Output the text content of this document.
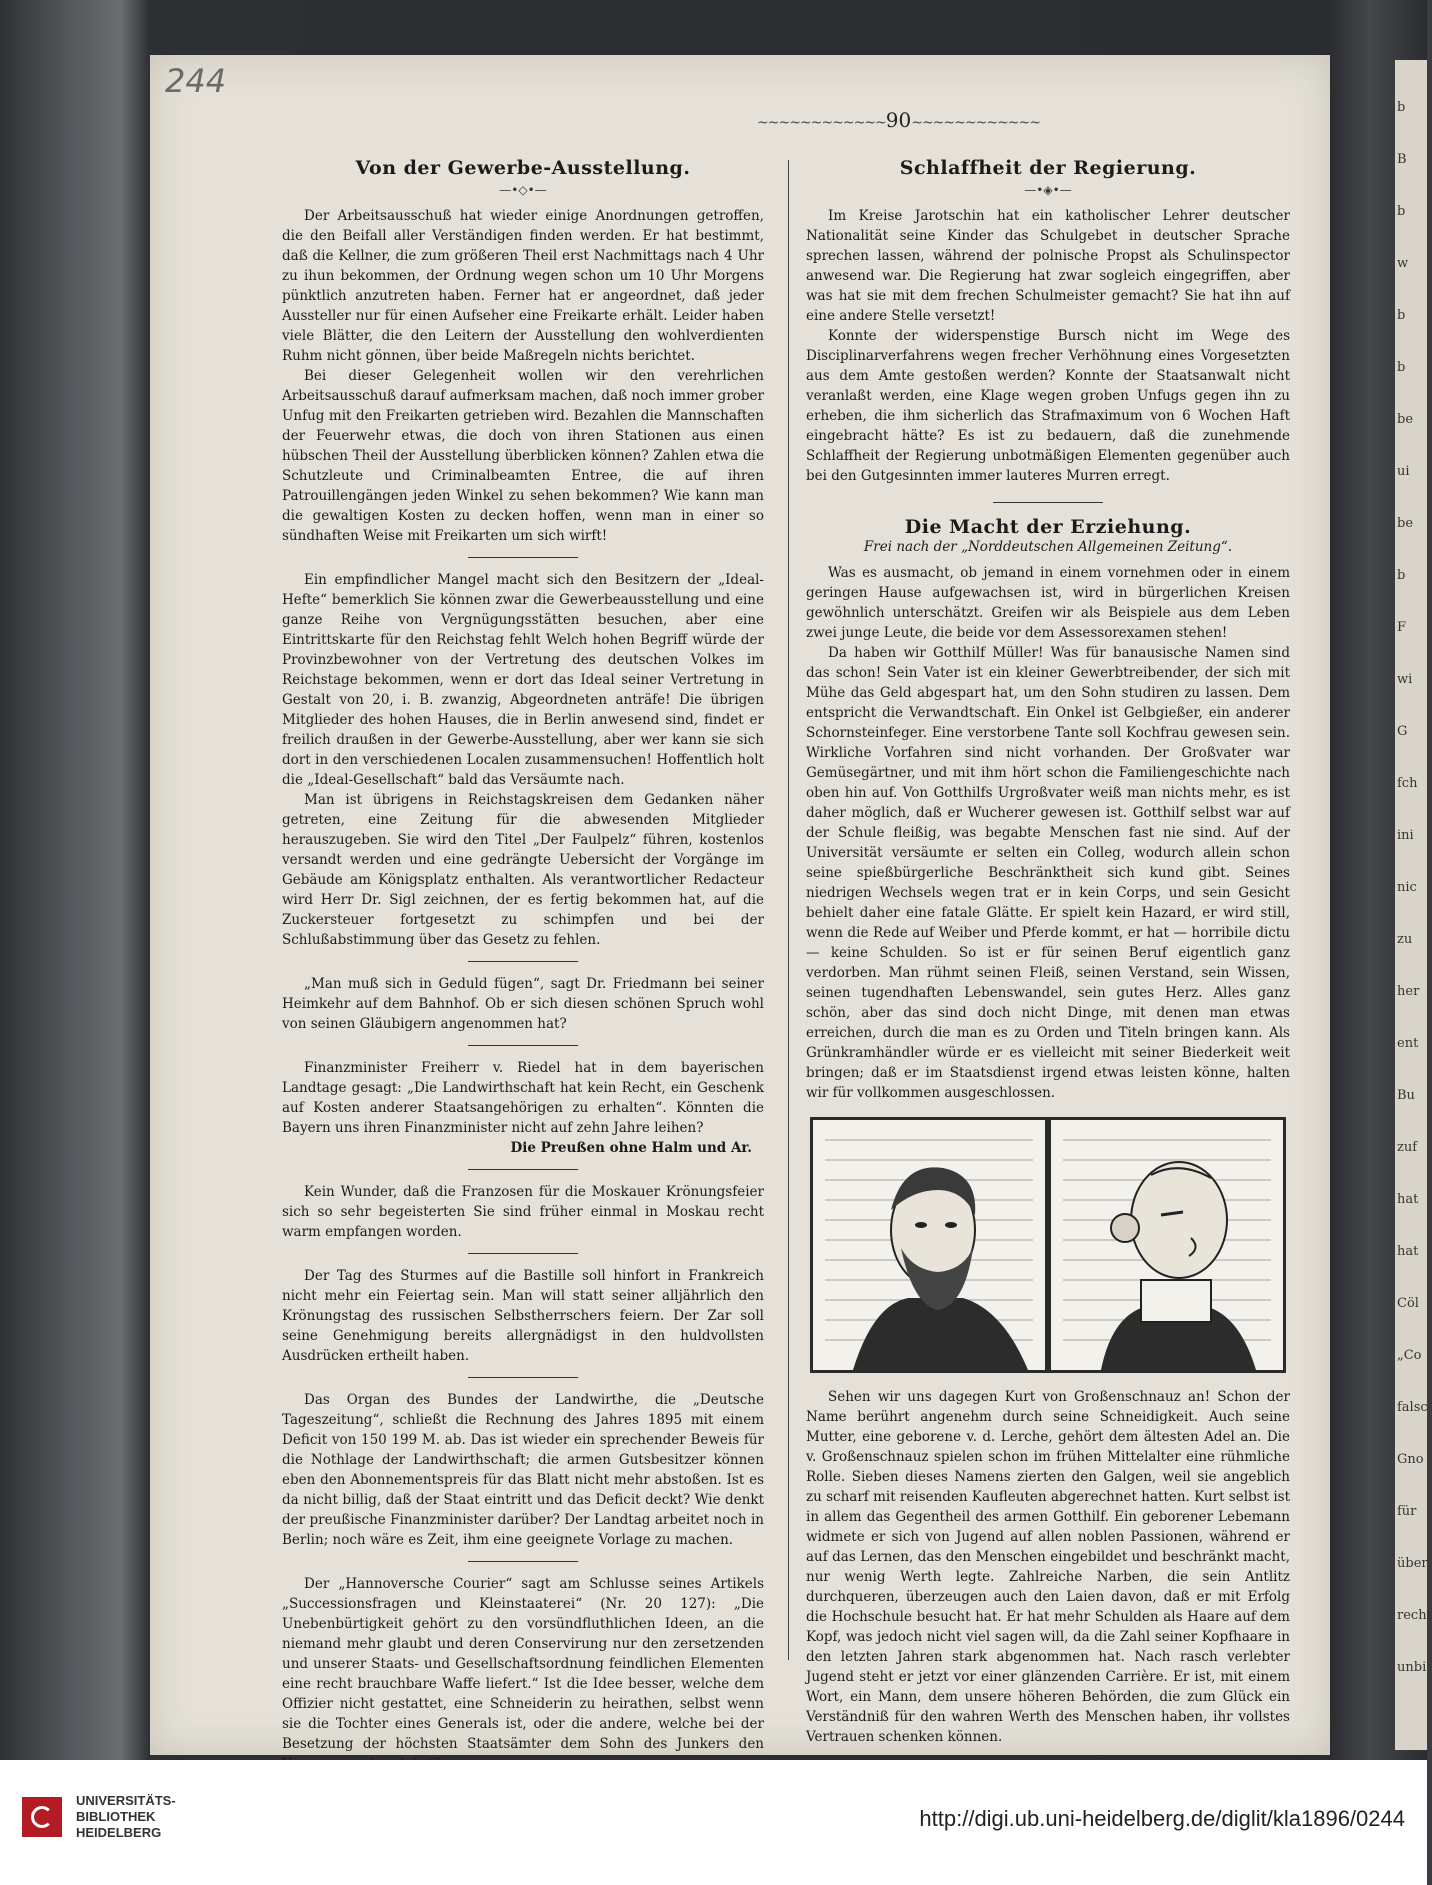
b
B
b
w
b
b
be
ui
be
b
F
wi
G
fch
ini
nic
zu
her
ent
Bu
zuf
hat
hat
Cöl
„Co
falsc
Gno
für
über
recht
unbi
244
~~~~~ 90 ~~~~~
Von der Gewerbe-Ausstellung.
—•◇•—

Der Arbeitsausschuß hat wieder einige Anordnungen getroffen, die den Beifall aller Verständigen finden werden. Er hat bestimmt, daß die Kellner, die zum größeren Theil erst Nachmittags nach 4 Uhr zu ihun bekommen, der Ordnung wegen schon um 10 Uhr Morgens pünktlich anzutreten haben. Ferner hat er angeordnet, daß jeder Aussteller nur für einen Aufseher eine Freikarte erhält. Leider haben viele Blätter, die den Leitern der Ausstellung den wohlverdienten Ruhm nicht gönnen, über beide Maßregeln nichts berichtet.

Bei dieser Gelegenheit wollen wir den verehrlichen Arbeitsausschuß darauf aufmerksam machen, daß noch immer grober Unfug mit den Freikarten getrieben wird. Bezahlen die Mannschaften der Feuerwehr etwas, die doch von ihren Stationen aus einen hübschen Theil der Ausstellung überblicken können? Zahlen etwa die Schutzleute und Criminalbeamten Entree, die auf ihren Patrouillengängen jeden Winkel zu sehen bekommen? Wie kann man die gewaltigen Kosten zu decken hoffen, wenn man in einer so sündhaften Weise mit Freikarten um sich wirft!

Ein empfindlicher Mangel macht sich den Besitzern der „Ideal-Hefte“ bemerklich Sie können zwar die Gewerbeausstellung und eine ganze Reihe von Vergnügungsstätten besuchen, aber eine Eintrittskarte für den Reichstag fehlt Welch hohen Begriff würde der Provinzbewohner von der Vertretung des deutschen Volkes im Reichstage bekommen, wenn er dort das Ideal seiner Vertretung in Gestalt von 20, i. B. zwanzig, Abgeordneten anträfe! Die übrigen Mitglieder des hohen Hauses, die in Berlin anwesend sind, findet er freilich draußen in der Gewerbe-Ausstellung, aber wer kann sie sich dort in den verschiedenen Localen zusammensuchen! Hoffentlich holt die „Ideal-Gesellschaft“ bald das Versäumte nach.

Man ist übrigens in Reichstagskreisen dem Gedanken näher getreten, eine Zeitung für die abwesenden Mitglieder herauszugeben. Sie wird den Titel „Der Faulpelz“ führen, kostenlos versandt werden und eine gedrängte Uebersicht der Vorgänge im Gebäude am Königsplatz enthalten. Als verantwortlicher Redacteur wird Herr Dr. Sigl zeichnen, der es fertig bekommen hat, auf die Zuckersteuer fortgesetzt zu schimpfen und bei der Schlußabstimmung über das Gesetz zu fehlen.

„Man muß sich in Geduld fügen“, sagt Dr. Friedmann bei seiner Heimkehr auf dem Bahnhof. Ob er sich diesen schönen Spruch wohl von seinen Gläubigern angenommen hat?

Finanzminister Freiherr v. Riedel hat in dem bayerischen Landtage gesagt: „Die Landwirthschaft hat kein Recht, ein Geschenk auf Kosten anderer Staatsangehörigen zu erhalten“. Könnten die Bayern uns ihren Finanzminister nicht auf zehn Jahre leihen?

Die Preußen ohne Halm und Ar.

Kein Wunder, daß die Franzosen für die Moskauer Krönungsfeier sich so sehr begeisterten Sie sind früher einmal in Moskau recht warm empfangen worden.

Der Tag des Sturmes auf die Bastille soll hinfort in Frankreich nicht mehr ein Feiertag sein. Man will statt seiner alljährlich den Krönungstag des russischen Selbstherrschers feiern. Der Zar soll seine Genehmigung bereits allergnädigst in den huldvollsten Ausdrücken ertheilt haben.

Das Organ des Bundes der Landwirthe, die „Deutsche Tageszeitung“, schließt die Rechnung des Jahres 1895 mit einem Deficit von 150 199 M. ab. Das ist wieder ein sprechender Beweis für die Nothlage der Landwirthschaft; die armen Gutsbesitzer können eben den Abonnementspreis für das Blatt nicht mehr abstoßen. Ist es da nicht billig, daß der Staat eintritt und das Deficit deckt? Wie denkt der preußische Finanzminister darüber? Der Landtag arbeitet noch in Berlin; noch wäre es Zeit, ihm eine geeignete Vorlage zu machen.

Der „Hannoversche Courier“ sagt am Schlusse seines Artikels „Successionsfragen und Kleinstaaterei“ (Nr. 20 127): „Die Unebenbürtigkeit gehört zu den vorsündfluthlichen Ideen, an die niemand mehr glaubt und deren Conservirung nur den zersetzenden und unserer Staats- und Gesellschaftsordnung feindlichen Elementen eine recht brauchbare Waffe liefert.“ Ist die Idee besser, welche dem Offizier nicht gestattet, eine Schneiderin zu heirathen, selbst wenn sie die Tochter eines Generals ist, oder die andere, welche bei der Besetzung der höchsten Staatsämter dem Sohn des Junkers den

Schlaffheit der Regierung.
—•◈•—

Im Kreise Jarotschin hat ein katholischer Lehrer deutscher Nationalität seine Kinder das Schulgebet in deutscher Sprache sprechen lassen, während der polnische Propst als Schulinspector anwesend war. Die Regierung hat zwar sogleich eingegriffen, aber was hat sie mit dem frechen Schulmeister gemacht? Sie hat ihn auf eine andere Stelle versetzt!

Konnte der widerspenstige Bursch nicht im Wege des Disciplinarverfahrens wegen frecher Verhöhnung eines Vorgesetzten aus dem Amte gestoßen werden? Konnte der Staatsanwalt nicht veranlaßt werden, eine Klage wegen groben Unfugs gegen ihn zu erheben, die ihm sicherlich das Strafmaximum von 6 Wochen Haft eingebracht hätte? Es ist zu bedauern, daß die zunehmende Schlaffheit der Regierung unbotmäßigen Elementen gegenüber auch bei den Gutgesinnten immer lauteres Murren erregt.

Die Macht der Erziehung.
Frei nach der „Norddeutschen Allgemeinen Zeitung“.

Was es ausmacht, ob jemand in einem vornehmen oder in einem geringen Hause aufgewachsen ist, wird in bürgerlichen Kreisen gewöhnlich unterschätzt. Greifen wir als Beispiele aus dem Leben zwei junge Leute, die beide vor dem Assessorexamen stehen!

Da haben wir Gotthilf Müller! Was für banausische Namen sind das schon! Sein Vater ist ein kleiner Gewerbtreibender, der sich mit Mühe das Geld abgespart hat, um den Sohn studiren zu lassen. Dem entspricht die Verwandtschaft. Ein Onkel ist Gelbgießer, ein anderer Schornsteinfeger. Eine verstorbene Tante soll Kochfrau gewesen sein. Wirkliche Vorfahren sind nicht vorhanden. Der Großvater war Gemüsegärtner, und mit ihm hört schon die Familiengeschichte nach oben hin auf. Von Gotthilfs Urgroßvater weiß man nichts mehr, es ist daher möglich, daß er Wucherer gewesen ist. Gotthilf selbst war auf der Schule fleißig, was begabte Menschen fast nie sind. Auf der Universität versäumte er selten ein Colleg, wodurch allein schon seine spießbürgerliche Beschränktheit sich kund gibt. Seines niedrigen Wechsels wegen trat er in kein Corps, und sein Gesicht behielt daher eine fatale Glätte. Er spielt kein Hazard, er wird still, wenn die Rede auf Weiber und Pferde kommt, er hat — horribile dictu — keine Schulden. So ist er für seinen Beruf eigentlich ganz verdorben. Man rühmt seinen Fleiß, seinen Verstand, sein Wissen, seinen tugendhaften Lebenswandel, sein gutes Herz. Alles ganz schön, aber das sind doch nicht Dinge, mit denen man etwas erreichen, durch die man es zu Orden und Titeln bringen kann. Als Grünkramhändler würde er es vielleicht mit seiner Biederkeit weit bringen; daß er im Staatsdienst irgend etwas leisten könne, halten wir für vollkommen ausgeschlossen.

Sehen wir uns dagegen Kurt von Großenschnauz an! Schon der Name berührt angenehm durch seine Schneidigkeit. Auch seine Mutter, eine geborene v. d. Lerche, gehört dem ältesten Adel an. Die v. Großenschnauz spielen schon im frühen Mittelalter eine rühmliche Rolle. Sieben dieses Namens zierten den Galgen, weil sie angeblich zu scharf mit reisenden Kaufleuten abgerechnet hatten. Kurt selbst ist in allem das Gegentheil des armen Gotthilf. Ein geborener Lebemann widmete er sich von Jugend auf allen noblen Passionen, während er auf das Lernen, das den Menschen eingebildet und beschränkt macht, nur wenig Werth legte. Zahlreiche Narben, die sein Antlitz durchqueren, überzeugen auch den Laien davon, daß er mit Erfolg die Hochschule besucht hat. Er hat mehr Schulden als Haare auf dem Kopf, was jedoch nicht viel sagen will, da die Zahl seiner Kopfhaare in den letzten Jahren stark abgenommen hat. Nach rasch verlebter Jugend steht er jetzt vor einer glänzenden Carrière. Er ist, mit einem Wort, ein Mann, dem unsere höheren Behörden, die zum Glück ein Verständniß für den wahren Werth des Menschen haben, ihr vollstes Vertrauen schenken können.

UNIVERSITÄTS-
BIBLIOTHEK
HEIDELBERG
http://digi.ub.uni-heidelberg.de/diglit/kla1896/0244
